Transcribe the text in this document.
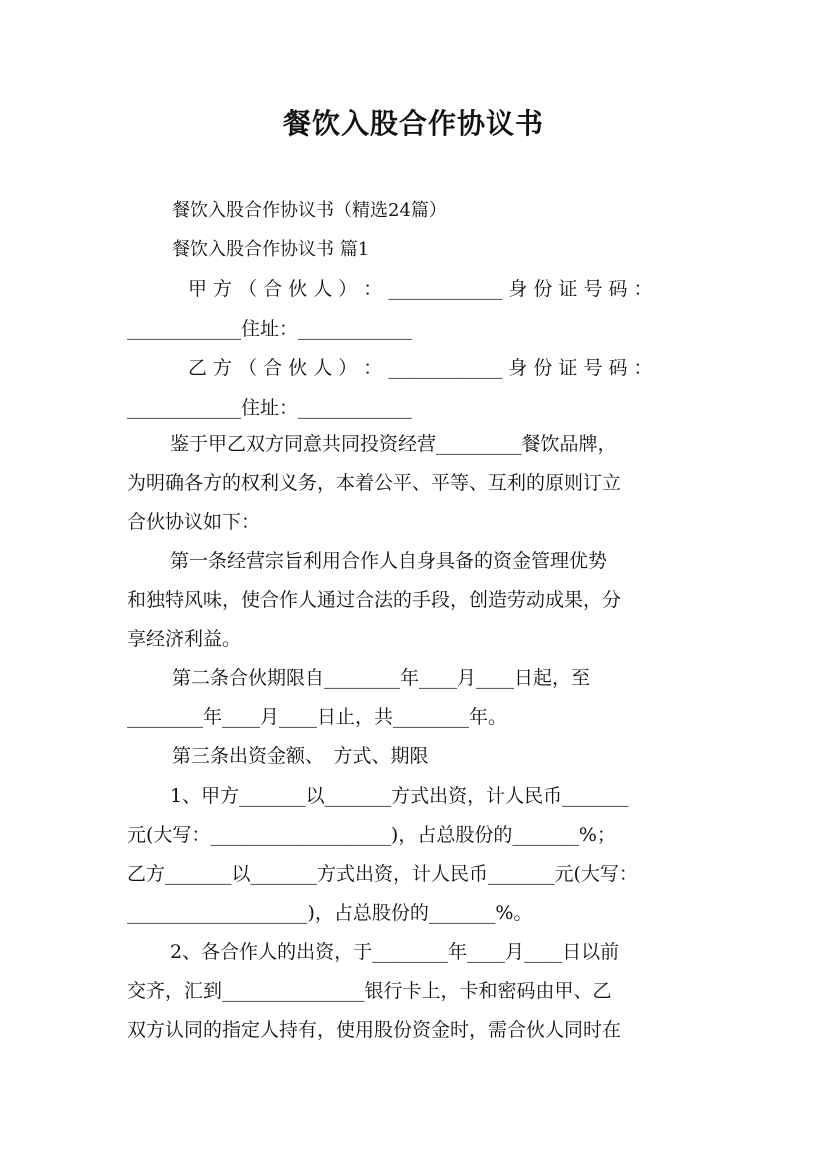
餐饮入股合作协议书
餐饮入股合作协议书（精选24篇）
餐饮入股合作协议书 篇1
甲 方 （ 合 伙 人 ） ： ____________ 身 份 证 号 码 ：
____________住址：____________
乙 方 （ 合 伙 人 ） ： ____________ 身 份 证 号 码 ：
____________住址：____________
鉴于甲乙双方同意共同投资经营_________餐饮品牌，
为明确各方的权利义务，本着公平、平等、互利的原则订立
合伙协议如下：
第一条经营宗旨利用合作人自身具备的资金管理优势
和独特风味，使合作人通过合法的手段，创造劳动成果，分
享经济利益。
第二条合伙期限自________年____月____日起，至
________年____月____日止，共________年。
第三条出资金额、　方式、期限
1、甲方_______以_______方式出资，计人民币_______
元(大写：___________________)，占总股份的_______%；
乙方_______以_______方式出资，计人民币_______元(大写：
___________________)，占总股份的_______%。
2、各合作人的出资，于________年____月____日以前
交齐，汇到_______________银行卡上，卡和密码由甲、乙
双方认同的指定人持有，使用股份资金时，需合伙人同时在
